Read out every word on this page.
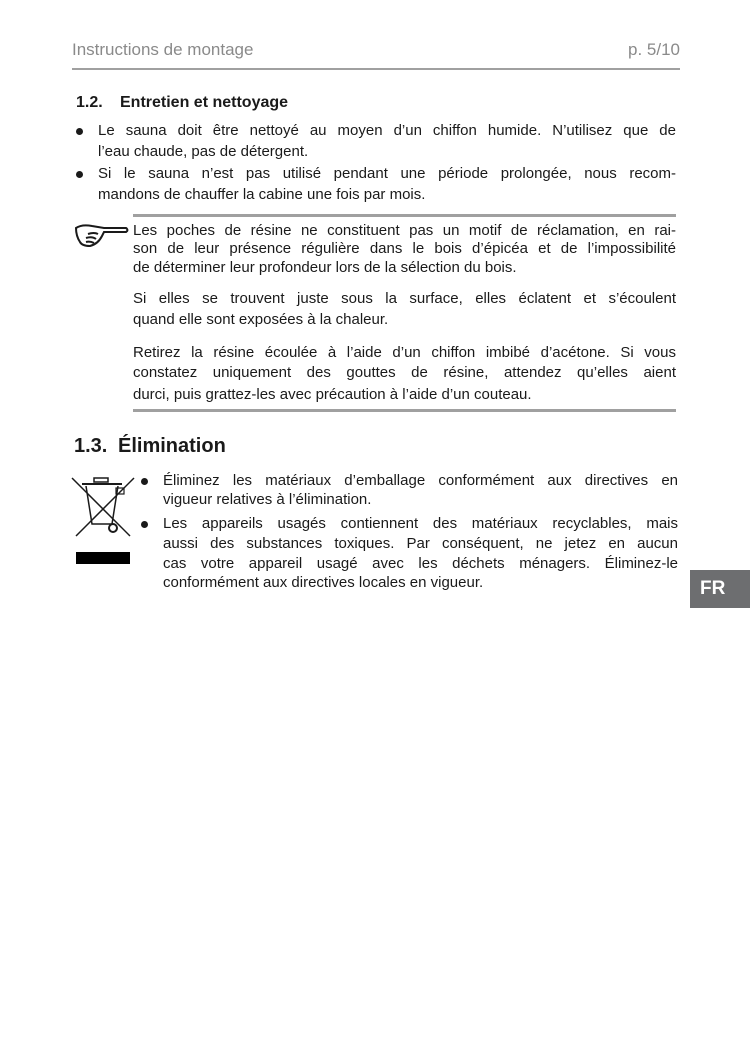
Instructions de montage	p. 5/10
1.2. Entretien et nettoyage
Le sauna doit être nettoyé au moyen d’un chiffon humide. N’utilisez que de
l’eau chaude, pas de détergent.
Si le sauna n’est pas utilisé pendant une période prolongée, nous recom-
mandons de chauffer la cabine une fois par mois.
Les poches de résine ne constituent pas un motif de réclamation, en rai-
son de leur présence régulière dans le bois d’épicéa et de l’impossibilité
de déterminer leur profondeur lors de la sélection du bois.
Si elles se trouvent juste sous la surface, elles éclatent et s’écoulent
quand elle sont exposées à la chaleur.
Retirez la résine écoulée à l’aide d’un chiffon imbibé d’acétone. Si vous
constatez uniquement des gouttes de résine, attendez qu’elles aient
durci, puis grattez-les avec précaution à l’aide d’un couteau.
1.3. Élimination
Éliminez les matériaux d’emballage conformément aux directives en
vigueur relatives à l’élimination.
Les appareils usagés contiennent des matériaux recyclables, mais
aussi des substances toxiques. Par conséquent, ne jetez en aucun
cas votre appareil usagé avec les déchets ménagers. Éliminez-le
conformément aux directives locales en vigueur.	FR
